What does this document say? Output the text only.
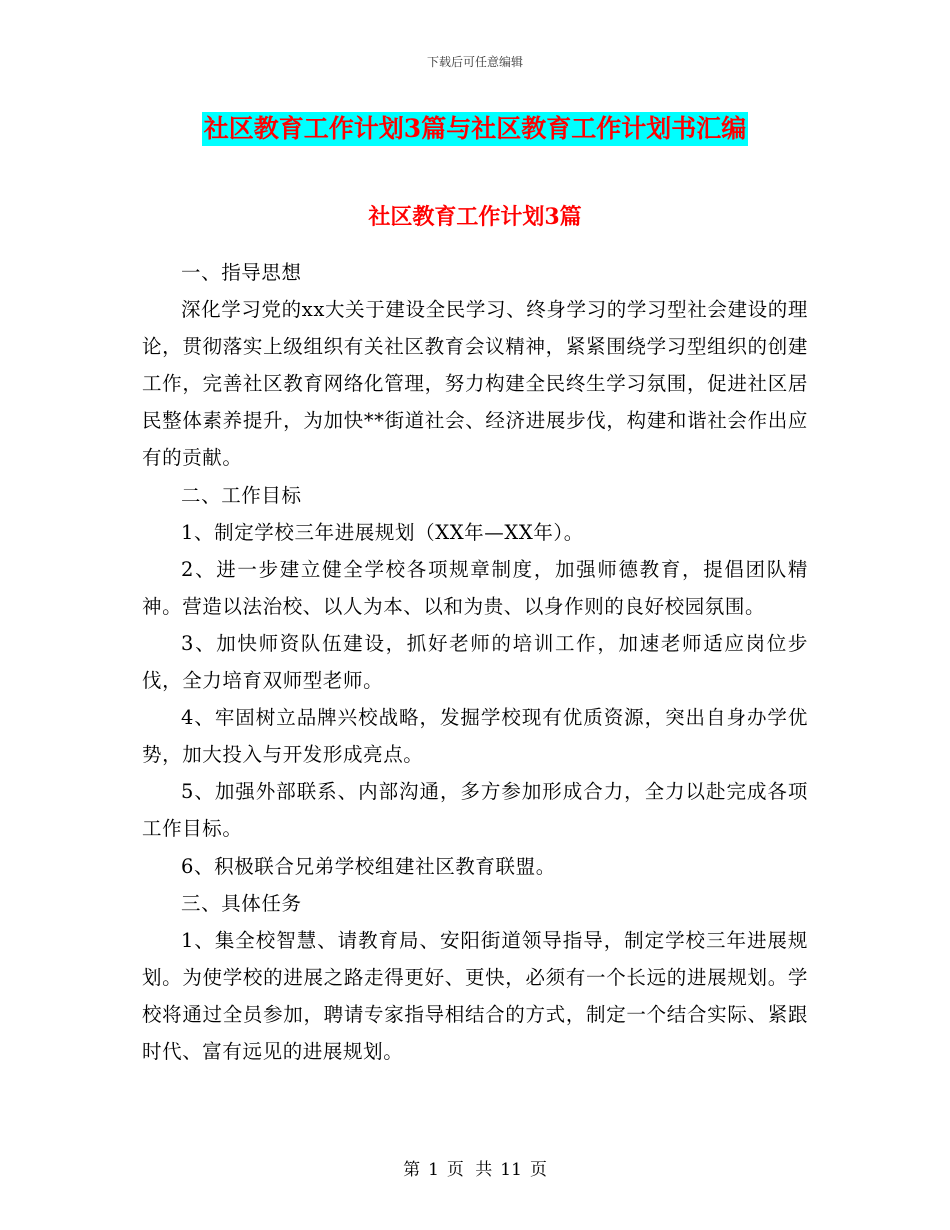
下载后可任意编辑
社区教育工作计划3篇与社区教育工作计划书汇编
社区教育工作计划3篇

一、指导思想

深化学习党的xx大关于建设全民学习、终身学习的学习型社会建设的理论，贯彻落实上级组织有关社区教育会议精神，紧紧围绕学习型组织的创建工作，完善社区教育网络化管理，努力构建全民终生学习氛围，促进社区居民整体素养提升，为加快**街道社会、经济进展步伐，构建和谐社会作出应有的贡献。

二、工作目标

1、制定学校三年进展规划（XX年—XX年）。

2、进一步建立健全学校各项规章制度，加强师德教育，提倡团队精神。营造以法治校、以人为本、以和为贵、以身作则的良好校园氛围。

3、加快师资队伍建设，抓好老师的培训工作，加速老师适应岗位步伐，全力培育双师型老师。

4、牢固树立品牌兴校战略，发掘学校现有优质资源，突出自身办学优势，加大投入与开发形成亮点。

5、加强外部联系、内部沟通，多方参加形成合力，全力以赴完成各项工作目标。

6、积极联合兄弟学校组建社区教育联盟。

三、具体任务

1、集全校智慧、请教育局、安阳街道领导指导，制定学校三年进展规划。为使学校的进展之路走得更好、更快，必须有一个长远的进展规划。学校将通过全员参加，聘请专家指导相结合的方式，制定一个结合实际、紧跟时代、富有远见的进展规划。

第 1 页 共 11 页
